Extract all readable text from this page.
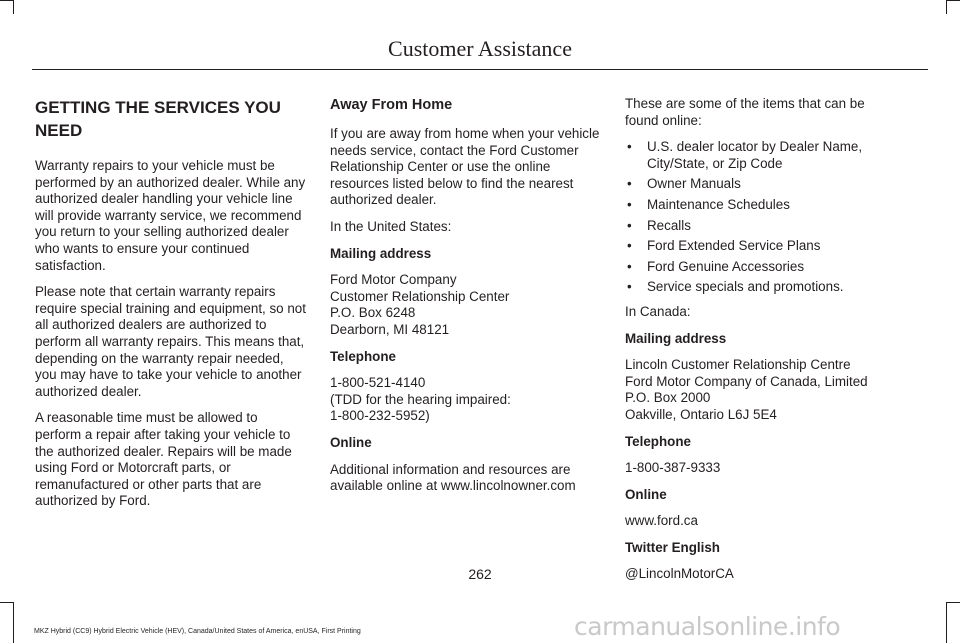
Customer Assistance
GETTING THE SERVICES YOU
NEED

Warranty repairs to your vehicle must be performed by an authorized dealer. While any authorized dealer handling your vehicle line will provide warranty service, we recommend you return to your selling authorized dealer who wants to ensure your continued satisfaction.

Please note that certain warranty repairs require special training and equipment, so not all authorized dealers are authorized to perform all warranty repairs. This means that, depending on the warranty repair needed, you may have to take your vehicle to another authorized dealer.

A reasonable time must be allowed to perform a repair after taking your vehicle to the authorized dealer. Repairs will be made using Ford or Motorcraft parts, or remanufactured or other parts that are authorized by Ford.

Away From Home

If you are away from home when your vehicle needs service, contact the Ford Customer Relationship Center or use the online resources listed below to find the nearest authorized dealer.

In the United States:

Mailing address

Ford Motor Company
Customer Relationship Center
P.O. Box 6248
Dearborn, MI 48121

Telephone

1-800-521-4140
(TDD for the hearing impaired:
1-800-232-5952)

Online

Additional information and resources are available online at www.lincolnowner.com

These are some of the items that can be found online:

• U.S. dealer locator by Dealer Name, City/State, or Zip Code
• Owner Manuals
• Maintenance Schedules
• Recalls
• Ford Extended Service Plans
• Ford Genuine Accessories
• Service specials and promotions.

In Canada:

Mailing address

Lincoln Customer Relationship Centre
Ford Motor Company of Canada, Limited
P.O. Box 2000
Oakville, Ontario L6J 5E4

Telephone

1-800-387-9333

Online

www.ford.ca

Twitter English

@LincolnMotorCA

262
MKZ Hybrid (CC9) Hybrid Electric Vehicle (HEV), Canada/United States of America, enUSA, First Printing	carmanualsonline.info
